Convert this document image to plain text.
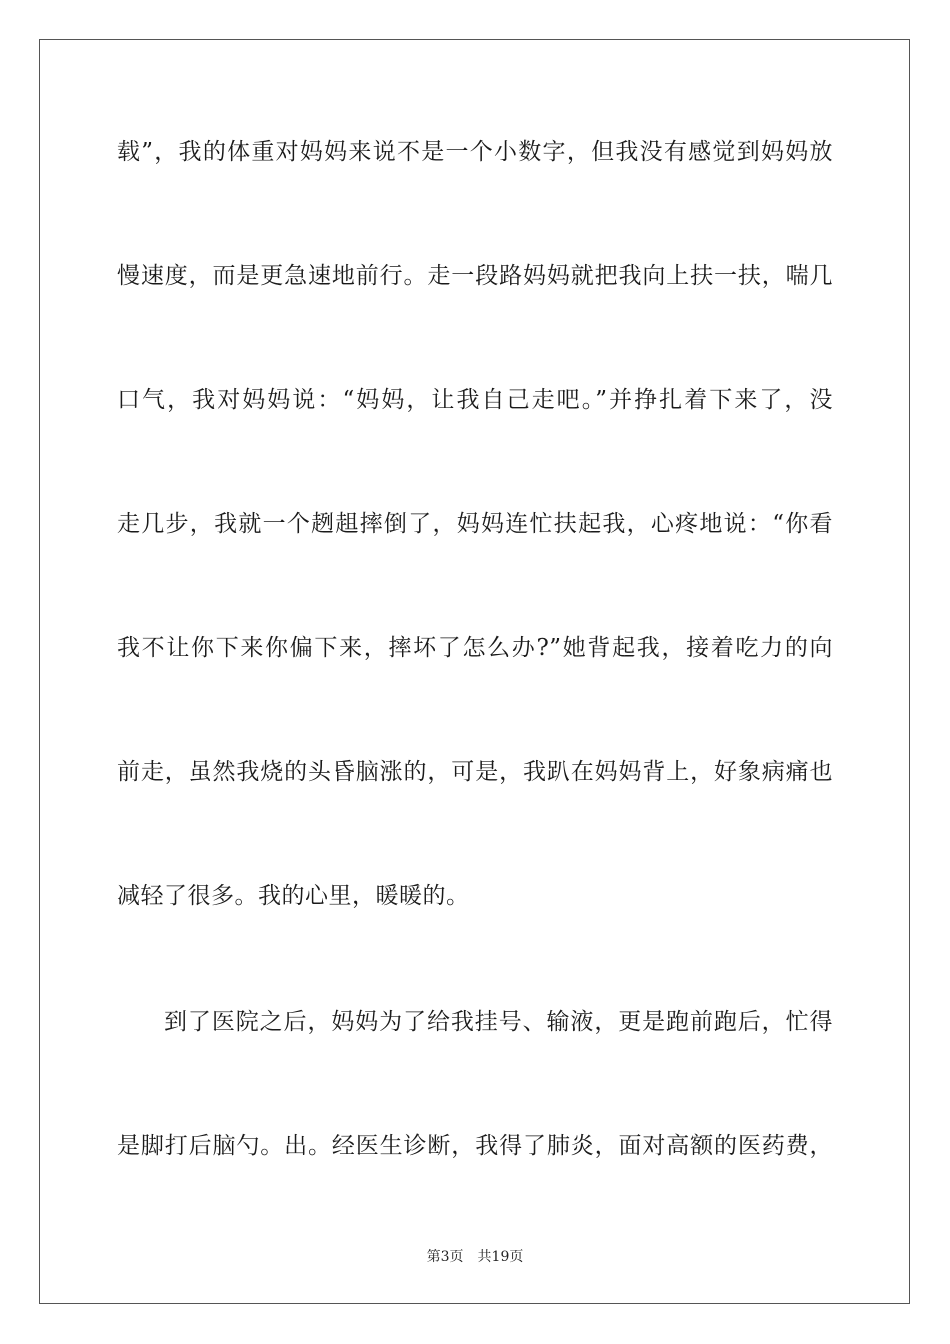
载”，我的体重对妈妈来说不是一个小数字，但我没有感觉到妈妈放
慢速度，而是更急速地前行。走一段路妈妈就把我向上扶一扶，喘几
口气，我对妈妈说：“妈妈，让我自己走吧。”并挣扎着下来了，没
走几步，我就一个趔趄摔倒了，妈妈连忙扶起我，心疼地说：“你看
我不让你下来你偏下来，摔坏了怎么办?”她背起我，接着吃力的向
前走，虽然我烧的头昏脑涨的，可是，我趴在妈妈背上，好象病痛也
减轻了很多。我的心里，暖暖的。
到了医院之后，妈妈为了给我挂号、输液，更是跑前跑后，忙得
是脚打后脑勺。出。经医生诊断，我得了肺炎，面对高额的医药费，
第3页 共19页
